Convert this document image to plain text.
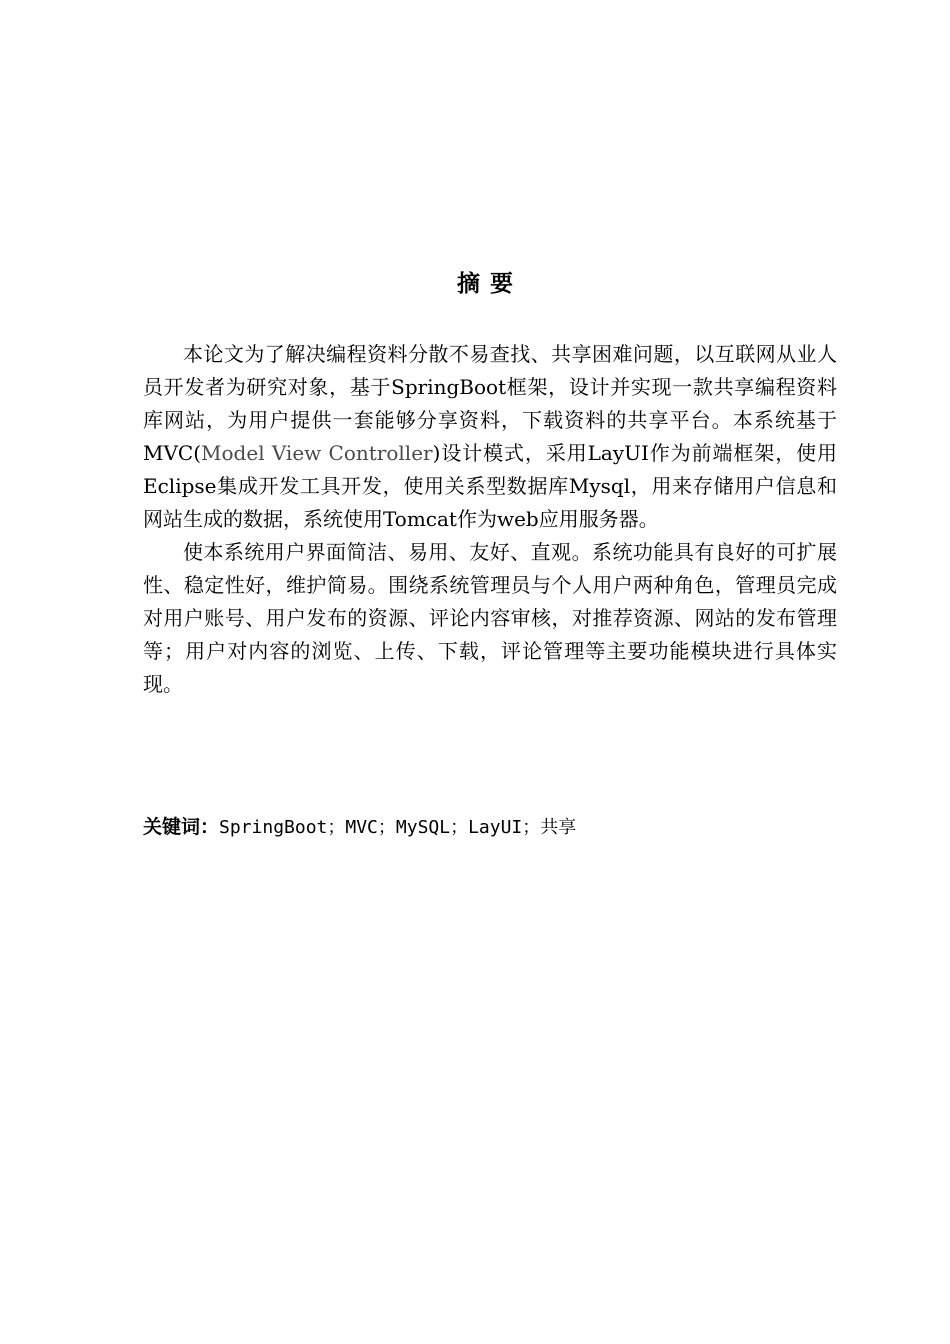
摘要

本论文为了解决编程资料分散不易查找、共享困难问题，以互联网从业人员开发者为研究对象，基于SpringBoot框架，设计并实现一款共享编程资料库网站，为用户提供一套能够分享资料，下载资料的共享平台。本系统基于MVC(Model View Controller)设计模式，采用LayUI作为前端框架，使用Eclipse集成开发工具开发，使用关系型数据库Mysql，用来存储用户信息和网站生成的数据，系统使用Tomcat作为web应用服务器。

使本系统用户界面简洁、易用、友好、直观。系统功能具有良好的可扩展性、稳定性好，维护简易。围绕系统管理员与个人用户两种角色，管理员完成对用户账号、用户发布的资源、评论内容审核，对推荐资源、网站的发布管理等；用户对内容的浏览、上传、下载，评论管理等主要功能模块进行具体实现。

关键词：SpringBoot；MVC；MySQL；LayUI；共享
